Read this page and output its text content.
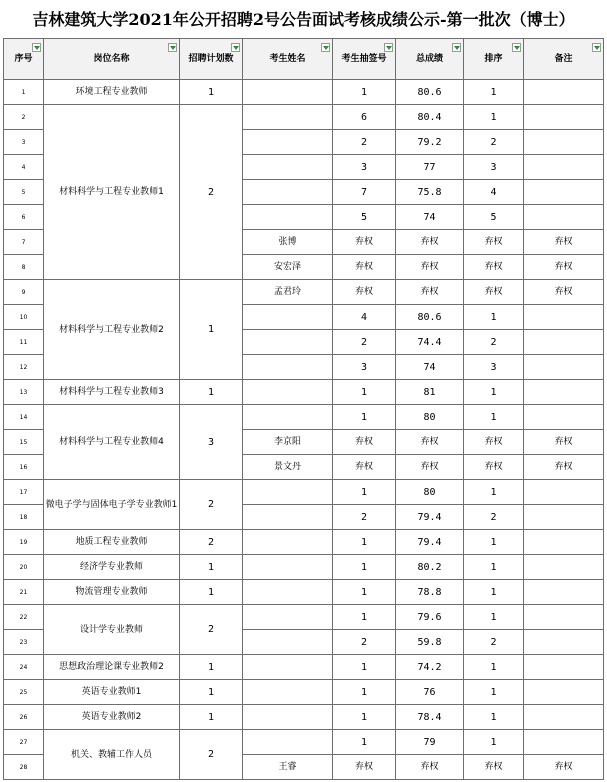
吉林建筑大学2021年公开招聘2号公告面试考核成绩公示-第一批次（博士）
序号	岗位名称	招聘计划数	考生姓名	考生抽签号	总成绩	排序	备注

1	环境工程专业教师	1		1	80.6	1	
2	材料科学与工程专业教师1	2		6	80.4	1	
3				2	79.2	2	
4				3	77	3	
5				7	75.8	4	
6				5	74	5	
7			张博	弃权	弃权	弃权	弃权
8			安宏泽	弃权	弃权	弃权	弃权
9	材料科学与工程专业教师2	1	孟君玲	弃权	弃权	弃权	弃权
10				4	80.6	1	
11				2	74.4	2	
12				3	74	3	
13	材料科学与工程专业教师3	1		1	81	1	
14	材料科学与工程专业教师4	3		1	80	1	
15			李京阳	弃权	弃权	弃权	弃权
16			景文丹	弃权	弃权	弃权	弃权
17	微电子学与固体电子学专业教师1	2		1	80	1	
18				2	79.4	2	
19	地质工程专业教师	2		1	79.4	1	
20	经济学专业教师	1		1	80.2	1	
21	物流管理专业教师	1		1	78.8	1	
22	设计学专业教师	2		1	79.6	1	
23				2	59.8	2	
24	思想政治理论课专业教师2	1		1	74.2	1	
25	英语专业教师1	1		1	76	1	
26	英语专业教师2	1		1	78.4	1	
27	机关、教辅工作人员	2		1	79	1	
28			王睿	弃权	弃权	弃权	弃权
